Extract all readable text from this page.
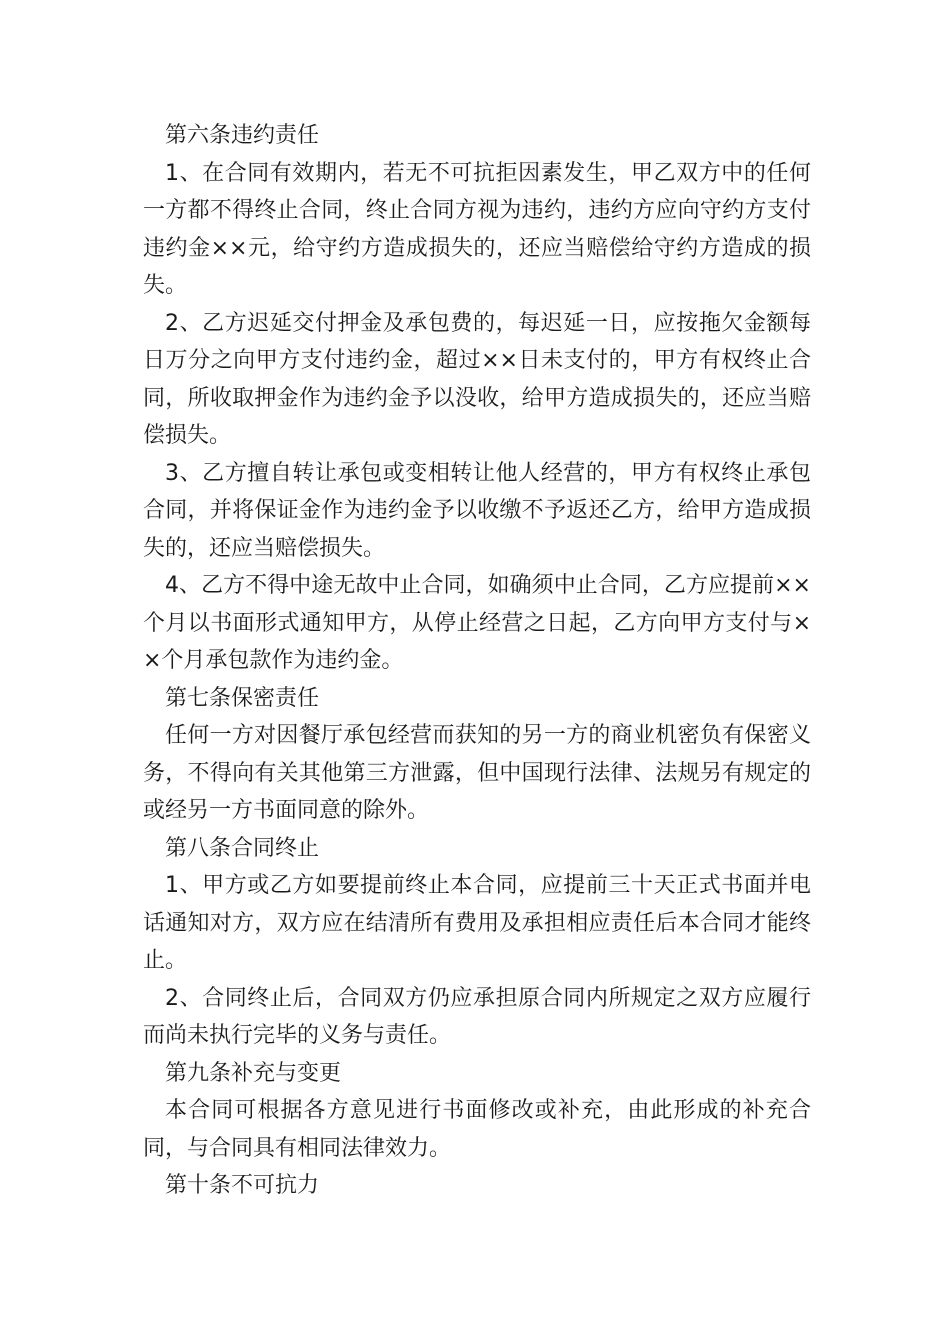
第六条违约责任

1、在合同有效期内，若无不可抗拒因素发生，甲乙双方中的任何一方都不得终止合同，终止合同方视为违约，违约方应向守约方支付违约金××元，给守约方造成损失的，还应当赔偿给守约方造成的损失。

2、乙方迟延交付押金及承包费的，每迟延一日，应按拖欠金额每日万分之向甲方支付违约金，超过××日未支付的，甲方有权终止合同，所收取押金作为违约金予以没收，给甲方造成损失的，还应当赔偿损失。

3、乙方擅自转让承包或变相转让他人经营的，甲方有权终止承包合同，并将保证金作为违约金予以收缴不予返还乙方，给甲方造成损失的，还应当赔偿损失。

4、乙方不得中途无故中止合同，如确须中止合同，乙方应提前××个月以书面形式通知甲方，从停止经营之日起，乙方向甲方支付与××个月承包款作为违约金。

第七条保密责任

任何一方对因餐厅承包经营而获知的另一方的商业机密负有保密义务，不得向有关其他第三方泄露，但中国现行法律、法规另有规定的或经另一方书面同意的除外。

第八条合同终止

1、甲方或乙方如要提前终止本合同，应提前三十天正式书面并电话通知对方，双方应在结清所有费用及承担相应责任后本合同才能终止。

2、合同终止后，合同双方仍应承担原合同内所规定之双方应履行而尚未执行完毕的义务与责任。

第九条补充与变更

本合同可根据各方意见进行书面修改或补充，由此形成的补充合同，与合同具有相同法律效力。

第十条不可抗力
